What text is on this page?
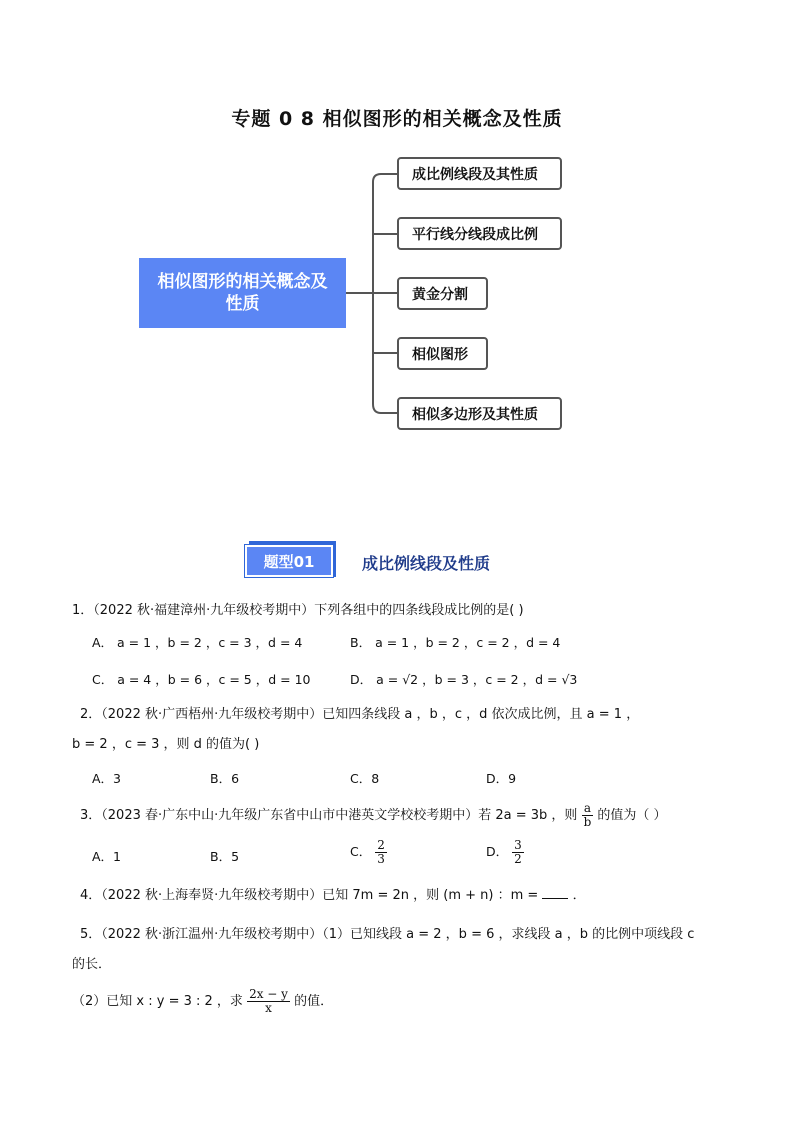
专题 0 8 相似图形的相关概念及性质
相似图形的相关概念及性质
成比例线段及其性质
平行线分线段成比例
黄金分割
相似图形
相似多边形及其性质
题型01	成比例线段及性质
1．（2022 秋·福建漳州·九年级校考期中）下列各组中的四条线段成比例的是( )
A． a = 1 ，b = 2 ，c = 3 ，d = 4	B． a = 1 ，b = 2 ，c = 2 ，d = 4
C． a = 4 ，b = 6 ，c = 5 ，d = 10	D． a = √2 ，b = 3 ，c = 2 ，d = √3
2．（2022 秋·广西梧州·九年级校考期中）已知四条线段 a ，b ，c ，d 依次成比例，且 a = 1 ，
b = 2 ，c = 3 ，则 d 的值为( )
A．3	B．6	C．8	D．9
3．（2023 春·广东中山·九年级广东省中山市中港英文学校校考期中）若 2a = 3b ，则 $\frac{a}{b}$ 的值为（ ）
A．1	B．5	C． $\frac{2}{3}$	D． $\frac{3}{2}$
4．（2022 秋·上海奉贤·九年级校考期中）已知 7m = 2n ，则 (m + n) ：m =	．
5．（2022 秋·浙江温州·九年级校考期中）（1）已知线段 a = 2 ，b = 6 ，求线段 a ，b 的比例中项线段 c
的长．
（2）已知 x : y = 3 : 2 ，求 $\frac{2x - y}{x}$ 的值．
